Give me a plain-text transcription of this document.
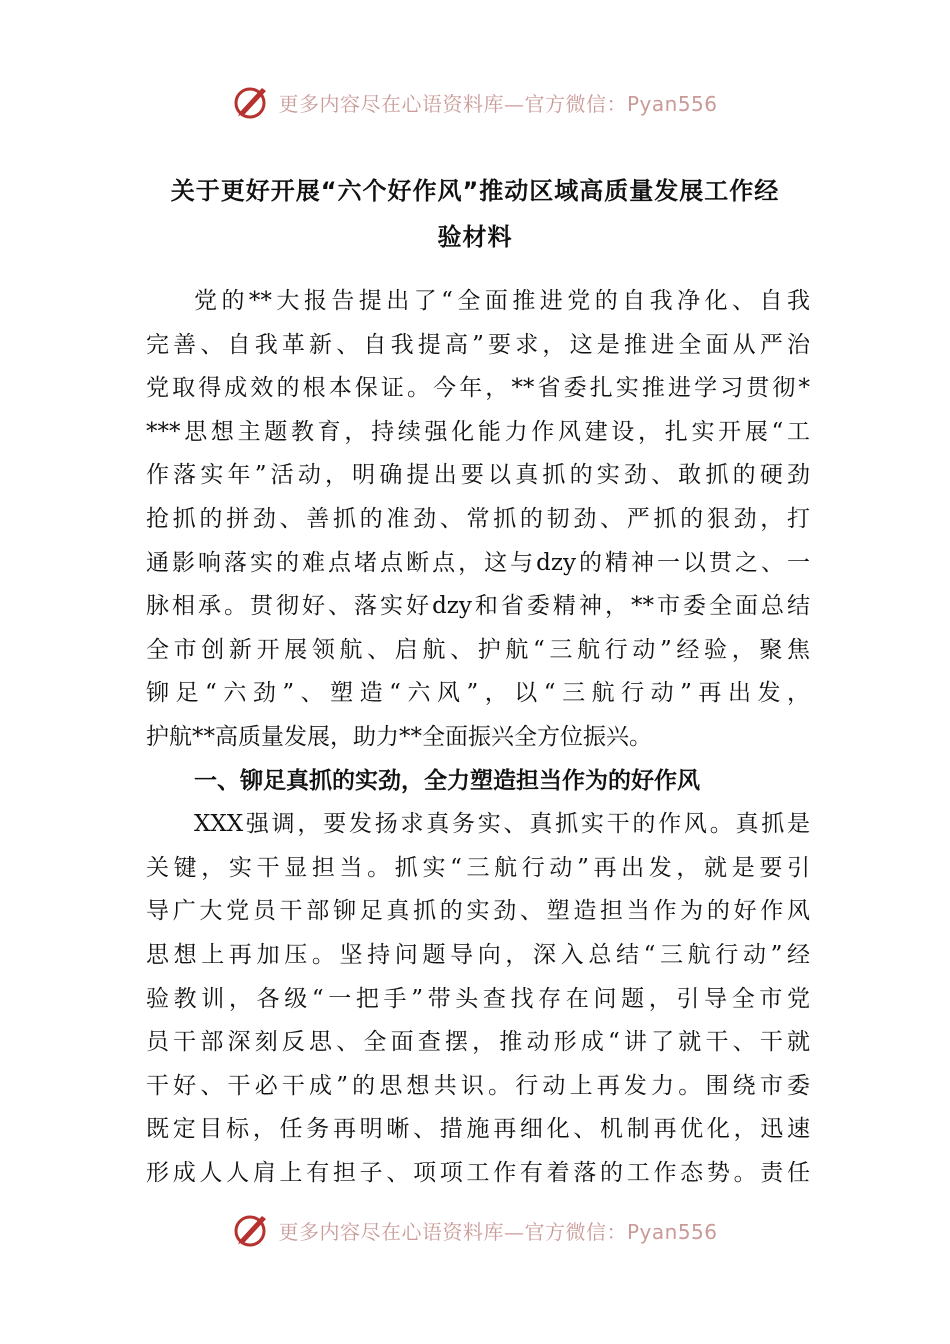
更多内容尽在心语资料库—官方微信：Pyan556
关于更好开展“六个好作风”推动区域高质量发展工作经
验材料
党的**大报告提出了“全面推进党的自我净化、自我
完善、自我革新、自我提高”要求，这是推进全面从严治
党取得成效的根本保证。今年，**省委扎实推进学习贯彻*
***思想主题教育，持续强化能力作风建设，扎实开展“工
作落实年”活动，明确提出要以真抓的实劲、敢抓的硬劲
抢抓的拼劲、善抓的准劲、常抓的韧劲、严抓的狠劲，打
通影响落实的难点堵点断点，这与dzy的精神一以贯之、一
脉相承。贯彻好、落实好dzy和省委精神，**市委全面总结
全市创新开展领航、启航、护航“三航行动”经验，聚焦
铆足“六劲”、塑造“六风”，以“三航行动”再出发，
护航**高质量发展，助力**全面振兴全方位振兴。
一、铆足真抓的实劲，全力塑造担当作为的好作风
XXX强调，要发扬求真务实、真抓实干的作风。真抓是
关键，实干显担当。抓实“三航行动”再出发，就是要引
导广大党员干部铆足真抓的实劲、塑造担当作为的好作风
思想上再加压。坚持问题导向，深入总结“三航行动”经
验教训，各级“一把手”带头查找存在问题，引导全市党
员干部深刻反思、全面查摆，推动形成“讲了就干、干就
干好、干必干成”的思想共识。行动上再发力。围绕市委
既定目标，任务再明晰、措施再细化、机制再优化，迅速
形成人人肩上有担子、项项工作有着落的工作态势。责任
更多内容尽在心语资料库—官方微信：Pyan556
